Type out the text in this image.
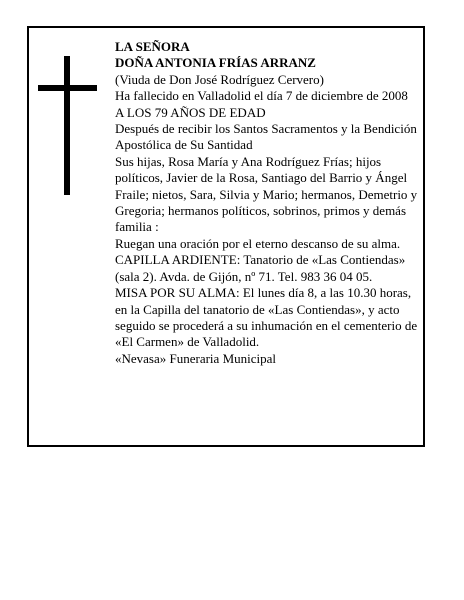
LA SEÑORA
DOÑA ANTONIA FRÍAS ARRANZ
(Viuda de Don José Rodríguez Cervero)
Ha fallecido en Valladolid el día 7 de diciembre de 2008
A LOS 79 AÑOS DE EDAD
Después de recibir los Santos Sacramentos y la Bendición Apostólica de Su Santidad
Sus hijas, Rosa María y Ana Rodríguez Frías; hijos políticos, Javier de la Rosa, Santiago del Barrio y Ángel Fraile; nietos, Sara, Silvia y Mario; hermanos, Demetrio y Gregoria; hermanos políticos, sobrinos, primos y demás familia :
Ruegan una oración por el eterno descanso de su alma.
CAPILLA ARDIENTE: Tanatorio de «Las Contiendas» (sala 2). Avda. de Gijón, nº 71. Tel. 983 36 04 05.
MISA POR SU ALMA: El lunes día 8, a las 10.30 horas, en la Capilla del tanatorio de «Las Contiendas», y acto seguido se procederá a su inhumación en el cementerio de «El Carmen» de Valladolid.
«Nevasa» Funeraria Municipal
